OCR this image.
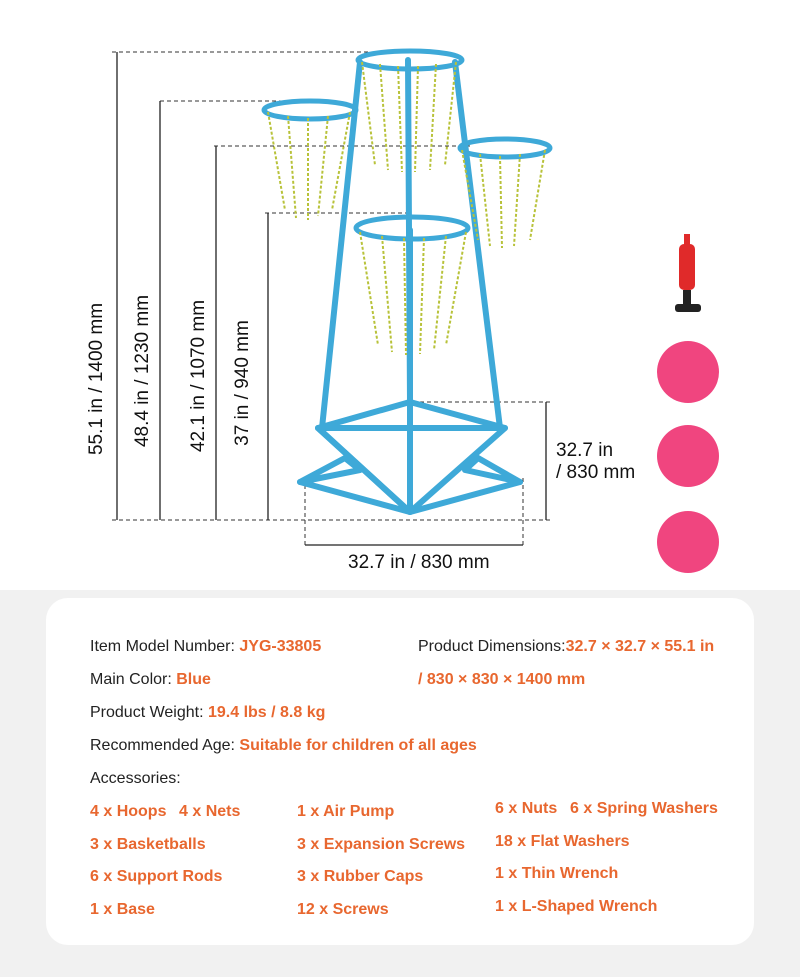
55.1 in / 1400 mm 48.4 in / 1230 mm 42.1 in / 1070 mm 37 in / 940 mm
32.7 in
/ 830 mm
32.7 in / 830 mm
Item Model Number: JYG-33805	Product Dimensions:32.7 × 32.7 × 55.1 in
/ 830 × 830 × 1400 mm
Main Color: Blue
Product Weight: 19.4 lbs / 8.8 kg
Recommended Age: Suitable for children of all ages
Accessories:
4 x Hoops 4 x Nets
3 x Basketballs
6 x Support Rods
1 x Base
1 x Air Pump
3 x Expansion Screws
3 x Rubber Caps
12 x Screws
6 x Nuts 6 x Spring Washers
18 x Flat Washers
1 x Thin Wrench
1 x L-Shaped Wrench
